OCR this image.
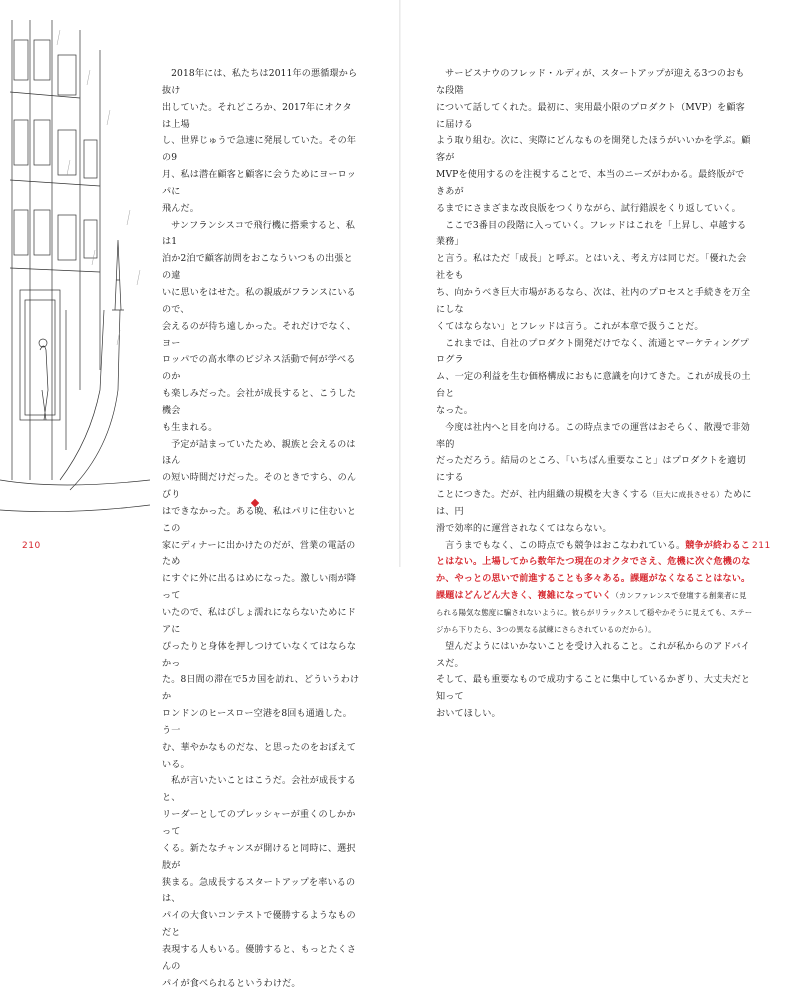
2018年には、私たちは2011年の悪循環から抜け
出していた。それどころか、2017年にオクタは上場
し、世界じゅうで急速に発展していた。その年の9
月、私は潜在顧客と顧客に会うためにヨーロッパに
飛んだ。

サンフランシスコで飛行機に搭乗すると、私は1
泊か2泊で顧客訪問をおこなういつもの出張との違
いに思いをはせた。私の親戚がフランスにいるので、
会えるのが待ち遠しかった。それだけでなく、ヨー
ロッパでの高水準のビジネス活動で何が学べるのか
も楽しみだった。会社が成長すると、こうした機会
も生まれる。

予定が詰まっていたため、親族と会えるのはほん
の短い時間だけだった。そのときですら、のんびり
はできなかった。ある晩、私はパリに住むいとこの
家にディナーに出かけたのだが、営業の電話のため
にすぐに外に出るはめになった。激しい雨が降って
いたので、私はびしょ濡れにならないためにドアに
ぴったりと身体を押しつけていなくてはならなかっ
た。8日間の滞在で5カ国を訪れ、どういうわけか
ロンドンのヒースロー空港を8回も通過した。う一
む、華やかなものだな、と思ったのをおぼえている。

私が言いたいことはこうだ。会社が成長すると、
リーダーとしてのプレッシャーが重くのしかかって
くる。新たなチャンスが開けると同時に、選択肢が
狭まる。急成長するスタートアップを率いるのは、
パイの大食いコンテストで優勝するようなものだと
表現する人もいる。優勝すると、もっとたくさんの
パイが食べられるというわけだ。

サービスナウのフレッド・ルディが、スタートアップが迎える3つのおもな段階
について話してくれた。最初に、実用最小限のプロダクト（MVP）を顧客に届ける
よう取り組む。次に、実際にどんなものを開発したほうがいいかを学ぶ。顧客が
MVPを使用するのを注視することで、本当のニーズがわかる。最終版ができあが
るまでにさまざまな改良版をつくりながら、試行錯誤をくり返していく。

ここで3番目の段階に入っていく。フレッドはこれを「上昇し、卓越する業務」
と言う。私はただ「成長」と呼ぶ。とはいえ、考え方は同じだ。「優れた会社をも
ち、向かうべき巨大市場があるなら、次は、社内のプロセスと手続きを万全にしな
くてはならない」とフレッドは言う。これが本章で扱うことだ。

これまでは、自社のプロダクト開発だけでなく、流通とマーケティングプログラ
ム、一定の利益を生む価格構成におもに意識を向けてきた。これが成長の土台と
なった。

今度は社内へと目を向ける。この時点までの運営はおそらく、散漫で非効率的
だっただろう。結局のところ、「いちばん重要なこと」はプロダクトを適切にする
ことにつきた。だが、社内組織の規模を大きくする（巨大に成長させる）ためには、円
滑で効率的に運営されなくてはならない。

言うまでもなく、この時点でも競争はおこなわれている。競争が終わることはない。上場してから数年たつ現在のオクタでさえ、危機に次ぐ危機のなか、やっとの思いで前進することも多々ある。課題がなくなることはない。課題はどんどん大きく、複雑になっていく（カンファレンスで登壇する創業者に見られる陽気な態度に騙されないように。彼らがリラックスして穏やかそうに見えても、ステージから下りたら、3つの異なる試練にさらされているのだから）。

望んだようにはいかないことを受け入れること。これが私からのアドバイスだ。
そして、最も重要なもので成功することに集中しているかぎり、大丈夫だと知って
おいてほしい。

210	211
